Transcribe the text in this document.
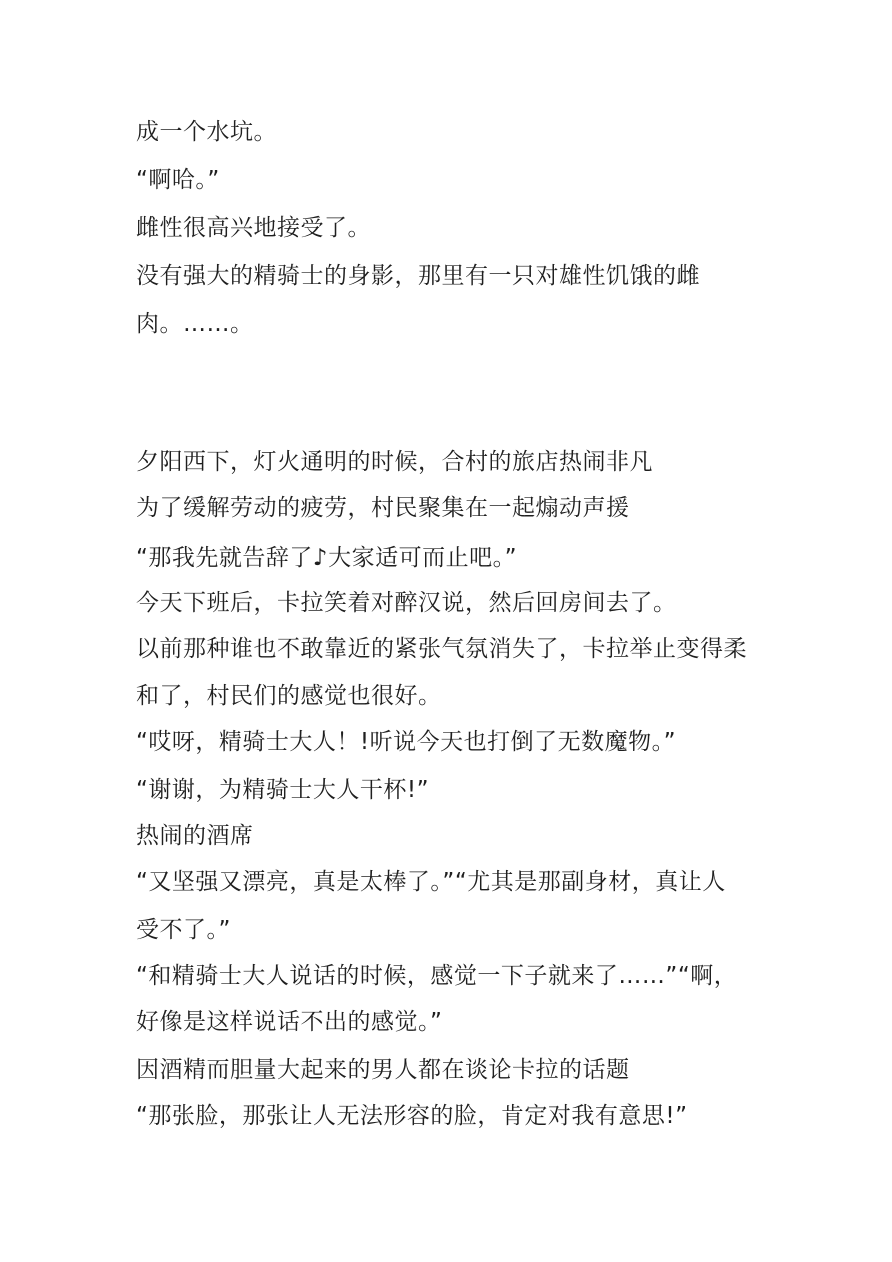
成一个水坑。
“啊哈。”
雌性很高兴地接受了。
没有强大的精骑士的身影，那里有一只对雄性饥饿的雌
肉。……。
夕阳西下，灯火通明的时候，合村的旅店热闹非凡
为了缓解劳动的疲劳，村民聚集在一起煽动声援
“那我先就告辞了♪大家适可而止吧。”
今天下班后，卡拉笑着对醉汉说，然后回房间去了。
以前那种谁也不敢靠近的紧张气氛消失了，卡拉举止变得柔
和了，村民们的感觉也很好。
“哎呀，精骑士大人！!听说今天也打倒了无数魔物。”
“谢谢，为精骑士大人干杯!”
热闹的酒席
“又坚强又漂亮，真是太棒了。”“尤其是那副身材，真让人
受不了。”
“和精骑士大人说话的时候，感觉一下子就来了……”“啊，
好像是这样说话不出的感觉。”
因酒精而胆量大起来的男人都在谈论卡拉的话题
“那张脸，那张让人无法形容的脸，肯定对我有意思!”
